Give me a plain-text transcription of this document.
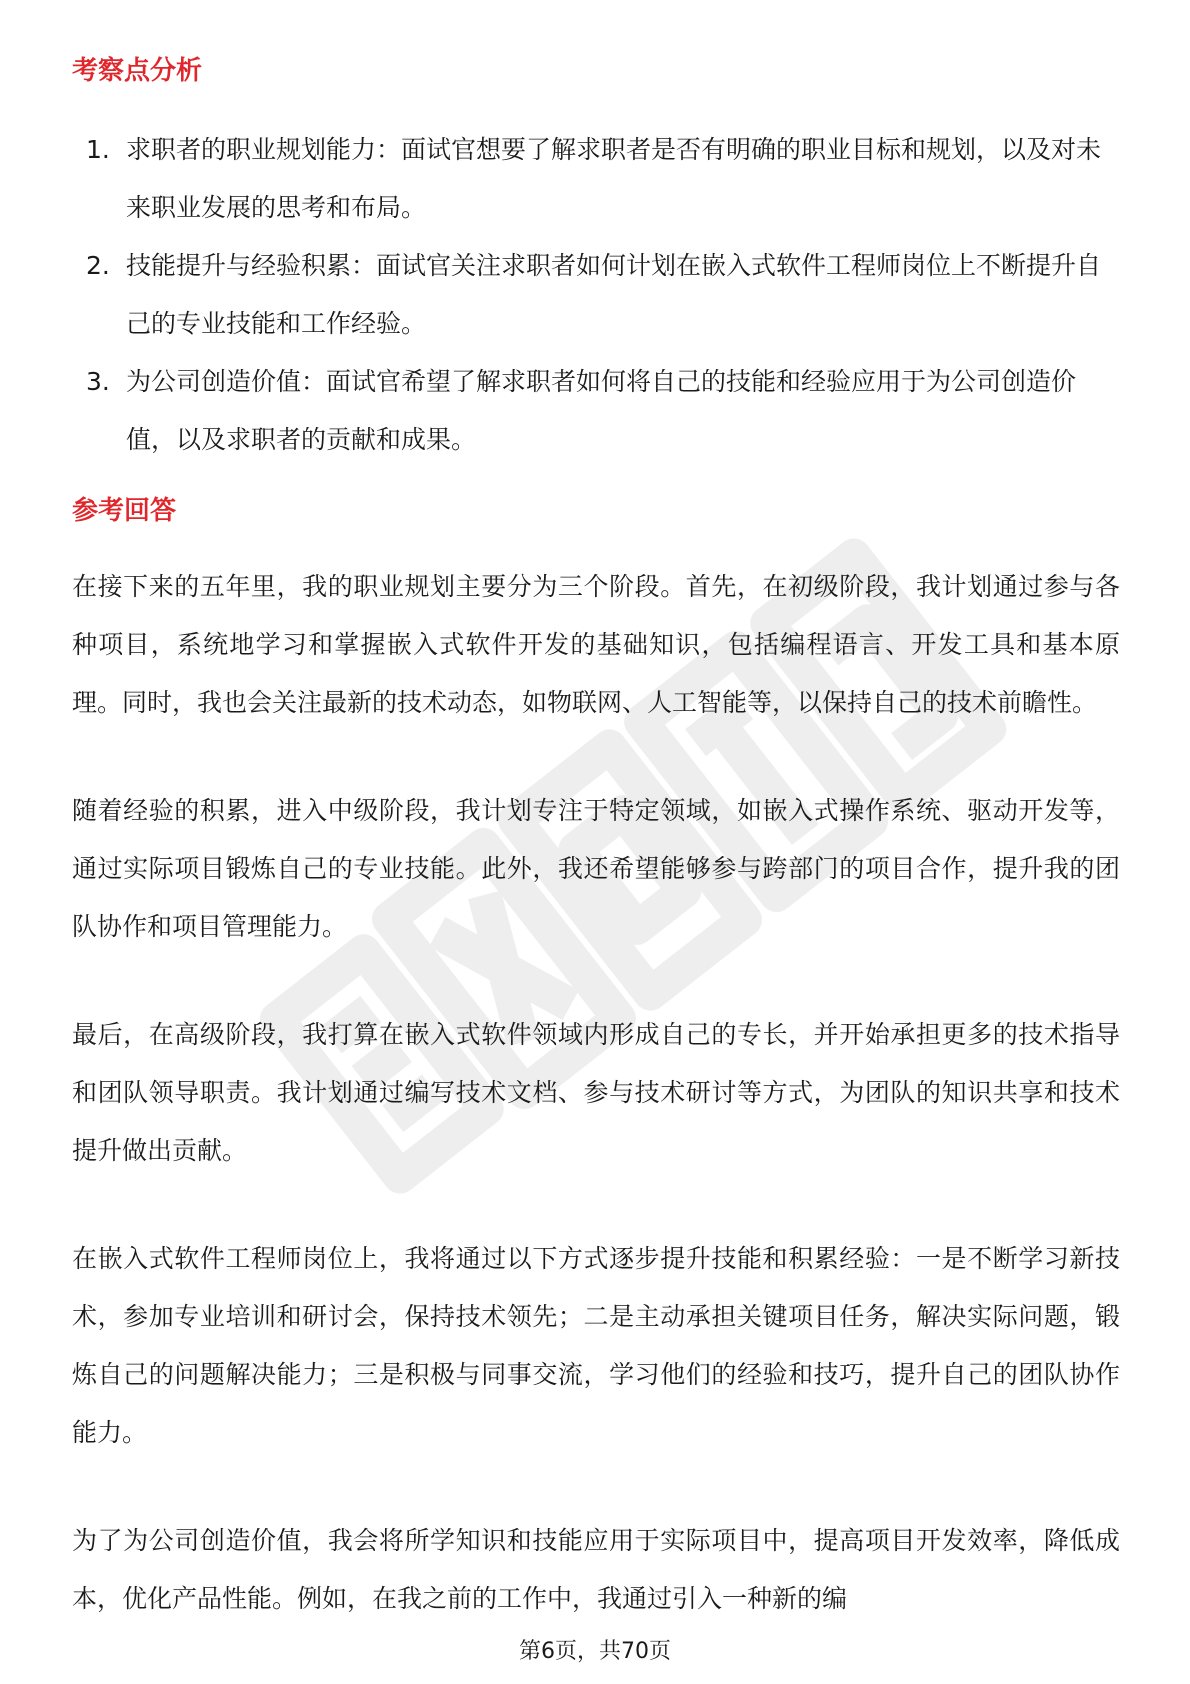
考察点分析
1. 求职者的职业规划能力：面试官想要了解求职者是否有明确的职业目标和规划，以及对未来职业发展的思考和布局。
2. 技能提升与经验积累：面试官关注求职者如何计划在嵌入式软件工程师岗位上不断提升自己的专业技能和工作经验。
3. 为公司创造价值：面试官希望了解求职者如何将自己的技能和经验应用于为公司创造价值，以及求职者的贡献和成果。
参考回答

在接下来的五年里，我的职业规划主要分为三个阶段。首先，在初级阶段，我计划通过参与各种项目，系统地学习和掌握嵌入式软件开发的基础知识，包括编程语言、开发工具和基本原理。同时，我也会关注最新的技术动态，如物联网、人工智能等，以保持自己的技术前瞻性。

随着经验的积累，进入中级阶段，我计划专注于特定领域，如嵌入式操作系统、驱动开发等，通过实际项目锻炼自己的专业技能。此外，我还希望能够参与跨部门的项目合作，提升我的团队协作和项目管理能力。

最后，在高级阶段，我打算在嵌入式软件领域内形成自己的专长，并开始承担更多的技术指导和团队领导职责。我计划通过编写技术文档、参与技术研讨等方式，为团队的知识共享和技术提升做出贡献。

在嵌入式软件工程师岗位上，我将通过以下方式逐步提升技能和积累经验：一是不断学习新技术，参加专业培训和研讨会，保持技术领先；二是主动承担关键项目任务，解决实际问题，锻炼自己的问题解决能力；三是积极与同事交流，学习他们的经验和技巧，提升自己的团队协作能力。

为了为公司创造价值，我会将所学知识和技能应用于实际项目中，提高项目开发效率，降低成本，优化产品性能。例如，在我之前的工作中，我通过引入一种新的编

第6页，共70页
